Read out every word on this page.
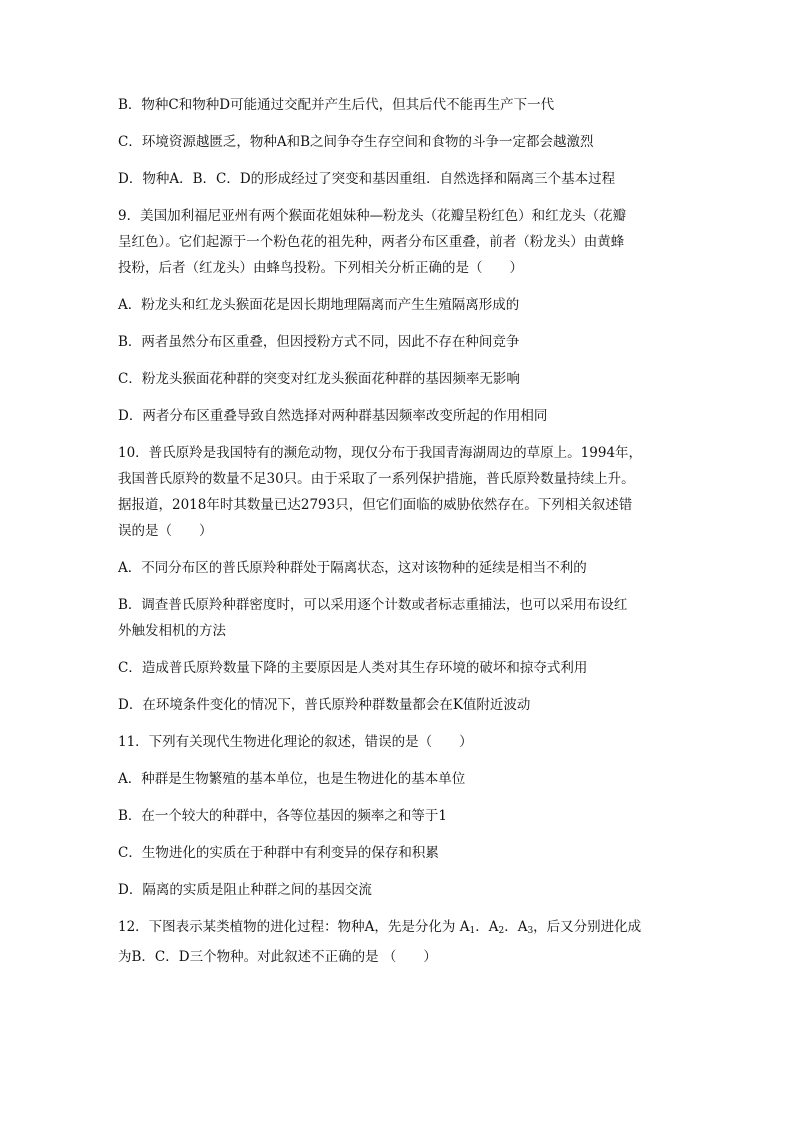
B．物种C和物种D可能通过交配并产生后代，但其后代不能再生产下一代
C．环境资源越匮乏，物种A和B之间争夺生存空间和食物的斗争一定都会越激烈
D．物种A．B．C．D的形成经过了突变和基因重组．自然选择和隔离三个基本过程
9．美国加利福尼亚州有两个猴面花姐妹种—粉龙头（花瓣呈粉红色）和红龙头（花瓣
呈红色）。它们起源于一个粉色花的祖先种，两者分布区重叠，前者（粉龙头）由黄蜂
投粉，后者（红龙头）由蜂鸟投粉。下列相关分析正确的是（　　）
A．粉龙头和红龙头猴面花是因长期地理隔离而产生生殖隔离形成的
B．两者虽然分布区重叠，但因授粉方式不同，因此不存在种间竞争
C．粉龙头猴面花种群的突变对红龙头猴面花种群的基因频率无影响
D．两者分布区重叠导致自然选择对两种群基因频率改变所起的作用相同
10．普氏原羚是我国特有的濒危动物，现仅分布于我国青海湖周边的草原上。1994年，
我国普氏原羚的数量不足30只。由于采取了一系列保护措施，普氏原羚数量持续上升。
据报道，2018年时其数量已达2793只，但它们面临的威胁依然存在。下列相关叙述错
误的是（　　）
A．不同分布区的普氏原羚种群处于隔离状态，这对该物种的延续是相当不利的
B．调查普氏原羚种群密度时，可以采用逐个计数或者标志重捕法，也可以采用布设红
外触发相机的方法
C．造成普氏原羚数量下降的主要原因是人类对其生存环境的破坏和掠夺式利用
D．在环境条件变化的情况下，普氏原羚种群数量都会在K值附近波动
11．下列有关现代生物进化理论的叙述，错误的是（　　）
A．种群是生物繁殖的基本单位，也是生物进化的基本单位
B．在一个较大的种群中，各等位基因的频率之和等于1
C．生物进化的实质在于种群中有利变异的保存和积累
D．隔离的实质是阻止种群之间的基因交流
12．下图表示某类植物的进化过程：物种A，先是分化为 $A_1$．$A_2$．$A_3$，后又分别进化成
为B．C．D三个物种。对此叙述不正确的是 （　　）
